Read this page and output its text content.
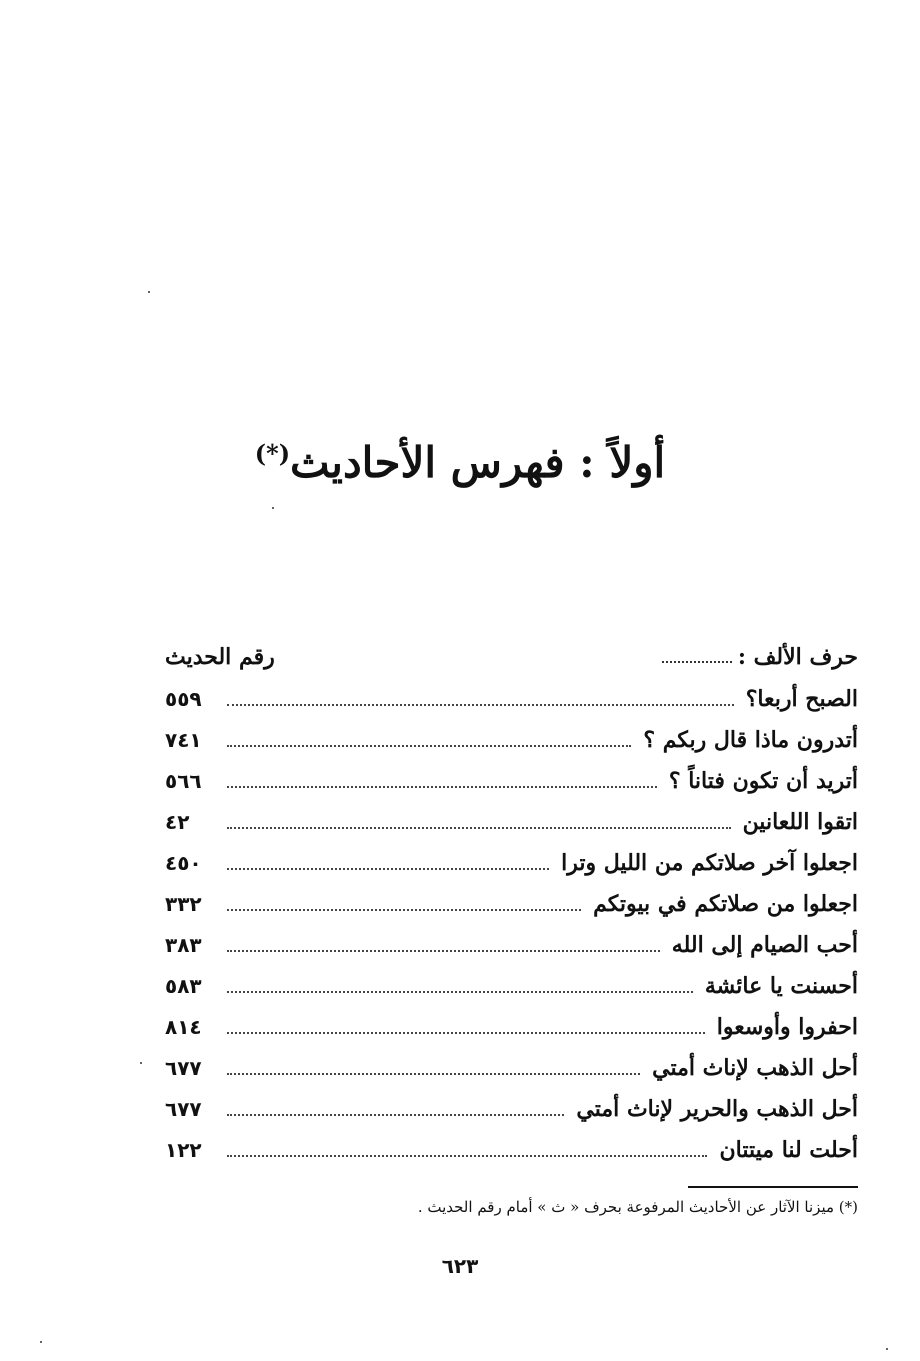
أولاً : فهرس الأحاديث(*)
حرف الألف :
رقم الحديث
الصبح أربعا؟
٥٥٩
أتدرون ماذا قال ربكم ؟
٧٤١
أتريد أن تكون فتاناً ؟
٥٦٦
اتقوا اللعانين
٤٢
اجعلوا آخر صلاتكم من الليل وترا
٤٥٠
اجعلوا من صلاتكم في بيوتكم
٣٣٢
أحب الصيام إلى الله
٣٨٣
أحسنت يا عائشة
٥٨٣
احفروا وأوسعوا
٨١٤
أحل الذهب لإناث أمتي
٦٧٧
أحل الذهب والحرير لإناث أمتي
٦٧٧
أحلت لنا ميتتان
١٢٢
(*) ميزنا الآثار عن الأحاديث المرفوعة بحرف « ث » أمام رقم الحديث .
٦٢٣
